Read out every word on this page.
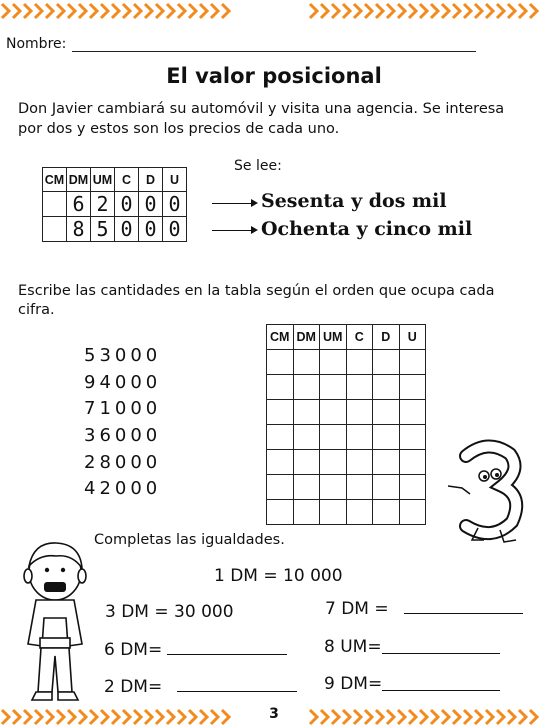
Nombre:
El valor posicional
Don Javier cambiará su automóvil y visita una agencia. Se interesa por dos y estos son los precios de cada uno.
CM	DM	UM	C	D	U
	6	2	0	0	0
	8	5	0	0	0
Se lee:
Sesenta y dos mil
Ochenta y cinco mil
Escribe las cantidades en la tabla según el orden que ocupa cada cifra.
53000
94000
71000
36000
28000
42000
CM	DM	UM	C	D	U

Completas las igualdades.
1 DM = 10 000
3 DM = 30 000	7 DM =
6 DM=	8 UM=
2 DM=	9 DM=
3
